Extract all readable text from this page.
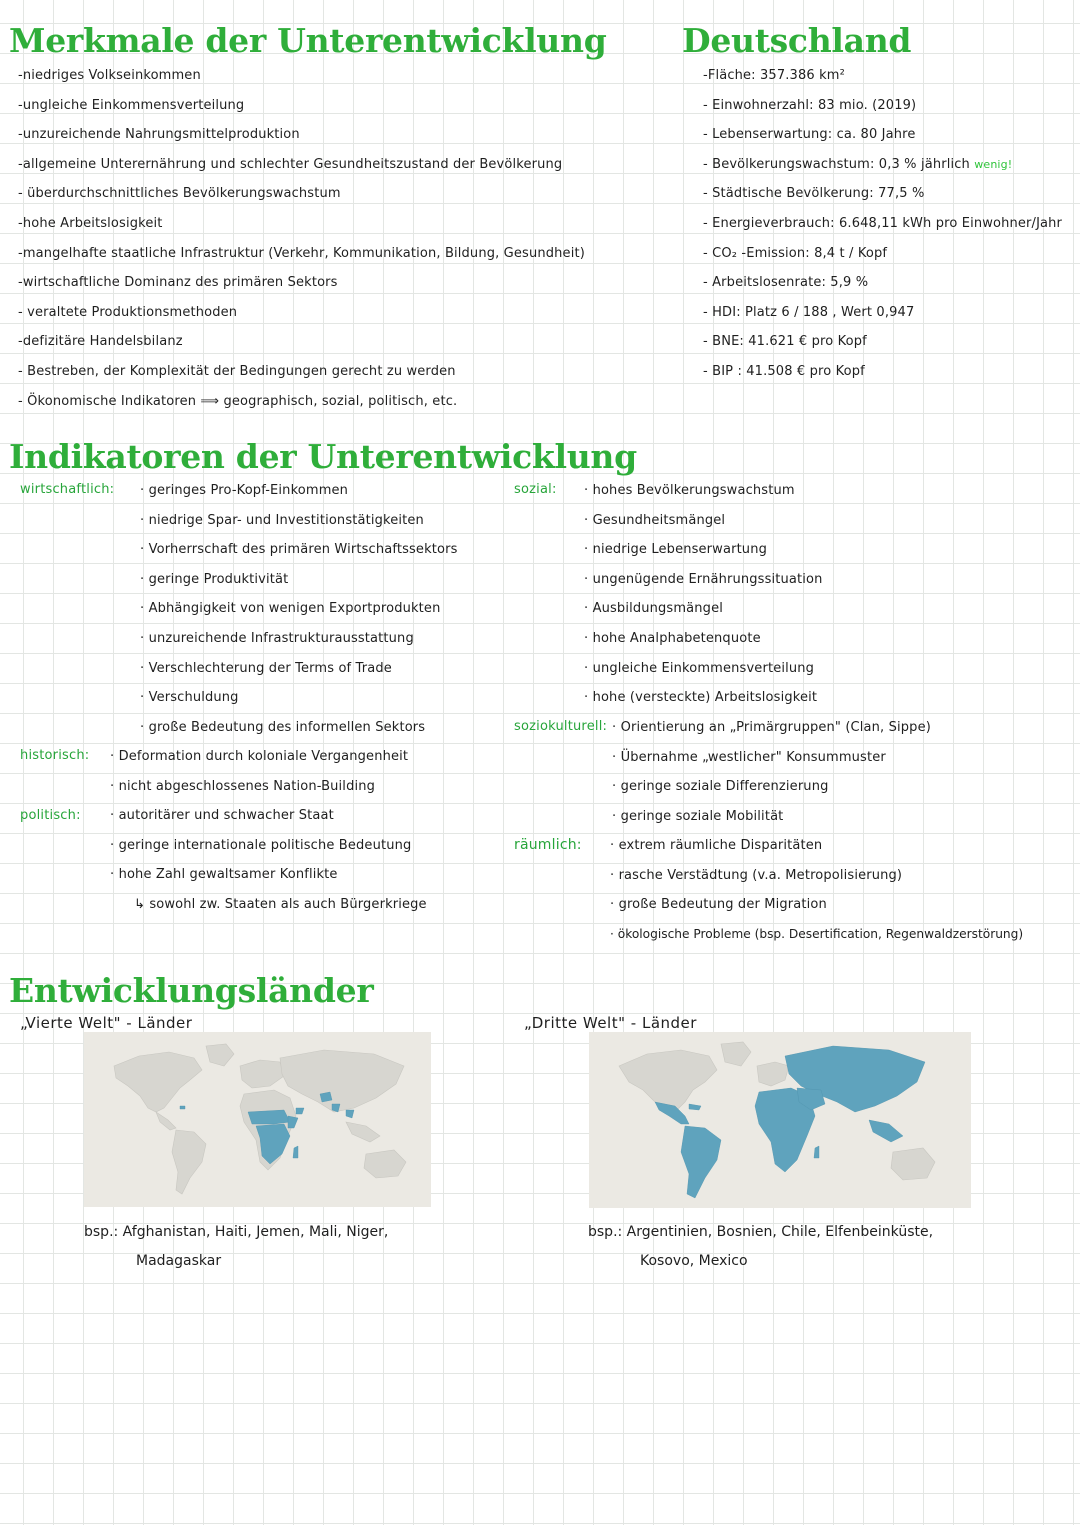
Merkmale der Unterentwicklung
-niedriges Volkseinkommen
-ungleiche Einkommensverteilung
-unzureichende Nahrungsmittelproduktion
-allgemeine Unterernährung und schlechter Gesundheitszustand der Bevölkerung
- überdurchschnittliches Bevölkerungswachstum
-hohe Arbeitslosigkeit
-mangelhafte staatliche Infrastruktur (Verkehr, Kommunikation, Bildung, Gesundheit)
-wirtschaftliche Dominanz des primären Sektors
- veraltete Produktionsmethoden
-defizitäre Handelsbilanz
- Bestreben, der Komplexität der Bedingungen gerecht zu werden
- Ökonomische Indikatoren ⟹ geographisch, sozial, politisch, etc.
Deutschland
-Fläche: 357.386 km²
- Einwohnerzahl: 83 mio. (2019)
- Lebenserwartung: ca. 80 Jahre
- Bevölkerungswachstum: 0,3 % jährlich wenig!
- Städtische Bevölkerung: 77,5 %
- Energieverbrauch: 6.648,11 kWh pro Einwohner/Jahr
- CO₂ -Emission: 8,4 t / Kopf
- Arbeitslosenrate: 5,9 %
- HDI: Platz 6 / 188 , Wert 0,947
- BNE: 41.621 € pro Kopf
- BIP : 41.508 € pro Kopf
Indikatoren der Unterentwicklung
wirtschaftlich: · geringes Pro-Kopf-Einkommen
· niedrige Spar- und Investitionstätigkeiten
· Vorherrschaft des primären Wirtschaftssektors
· geringe Produktivität
· Abhängigkeit von wenigen Exportprodukten
· unzureichende Infrastrukturausstattung
· Verschlechterung der Terms of Trade
· Verschuldung
· große Bedeutung des informellen Sektors
historisch: · Deformation durch koloniale Vergangenheit
· nicht abgeschlossenes Nation-Building
politisch: · autoritärer und schwacher Staat
· geringe internationale politische Bedeutung
· hohe Zahl gewaltsamer Konflikte
↳ sowohl zw. Staaten als auch Bürgerkriege
sozial: · hohes Bevölkerungswachstum
· Gesundheitsmängel
· niedrige Lebenserwartung
· ungenügende Ernährungssituation
· Ausbildungsmängel
· hohe Analphabetenquote
· ungleiche Einkommensverteilung
· hohe (versteckte) Arbeitslosigkeit
soziokulturell: · Orientierung an „Primärgruppen" (Clan, Sippe)
· Übernahme „westlicher" Konsummuster
· geringe soziale Differenzierung
· geringe soziale Mobilität
räumlich: · extrem räumliche Disparitäten
· rasche Verstädtung (v.a. Metropolisierung)
· große Bedeutung der Migration
· ökologische Probleme (bsp. Desertification, Regenwaldzerstörung)
Entwicklungsländer
„Vierte Welt" - Länder	„Dritte Welt" - Länder
bsp.: Afghanistan, Haiti, Jemen, Mali, Niger,
Madagaskar
bsp.: Argentinien, Bosnien, Chile, Elfenbeinküste,
Kosovo, Mexico
